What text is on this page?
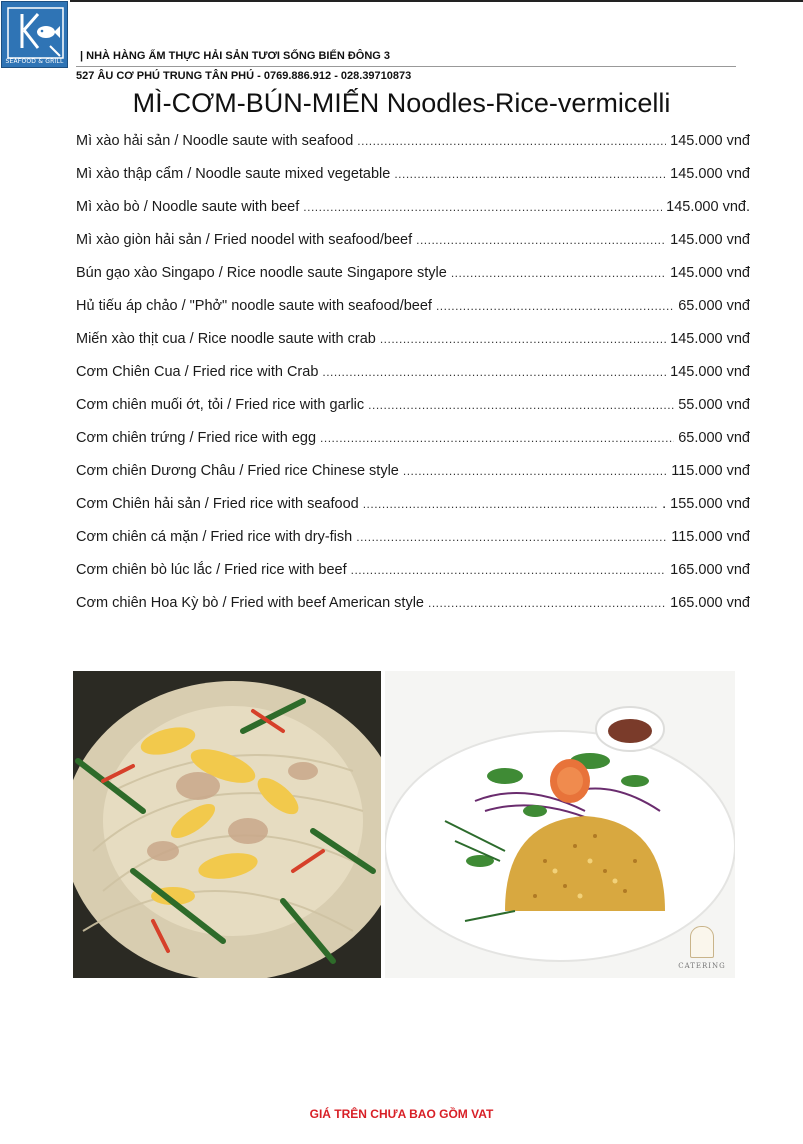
SEAFOOD & GRILL	| NHÀ HÀNG ẨM THỰC HẢI SẢN TƯƠI SỐNG BIỂN ĐÔNG 3
527 ÂU CƠ PHÚ TRUNG TÂN PHÚ - 0769.886.912 - 028.39710873
MÌ-CƠM-BÚN-MIẾN Noodles-Rice-vermicelli
Mì xào hải sản / Noodle saute with seafood .....	145.000 vnđ
Mì xào thập cẩm / Noodle saute mixed vegetable .....	145.000 vnđ
Mì xào bò / Noodle saute with beef .....	145.000 vnđ.
Mì xào giòn hải sản / Fried noodel with seafood/beef .....	145.000 vnđ
Bún gạo xào Singapo / Rice noodle saute Singapore style .....	145.000 vnđ
Hủ tiếu áp chảo / "Phở" noodle saute with seafood/beef .....	65.000 vnđ
Miến xào thịt cua / Rice noodle saute with crab .....	145.000 vnđ
Cơm Chiên Cua / Fried rice with Crab .....	145.000 vnđ
Cơm chiên muối ớt, tỏi / Fried rice with garlic .....	55.000 vnđ
Cơm chiên trứng / Fried rice with egg .....	65.000 vnđ
Cơm chiên Dương Châu / Fried rice Chinese style .....	115.000 vnđ
Cơm Chiên hải sản / Fried rice with seafood .....	. 155.000 vnđ
Cơm chiên cá mặn / Fried rice with dry-fish .....	115.000 vnđ
Cơm chiên bò lúc lắc / Fried rice with beef .....	165.000 vnđ
Cơm chiên Hoa Kỳ bò / Fried with beef American style .....	165.000 vnđ
CATERING
GIÁ TRÊN CHƯA BAO GỒM VAT
